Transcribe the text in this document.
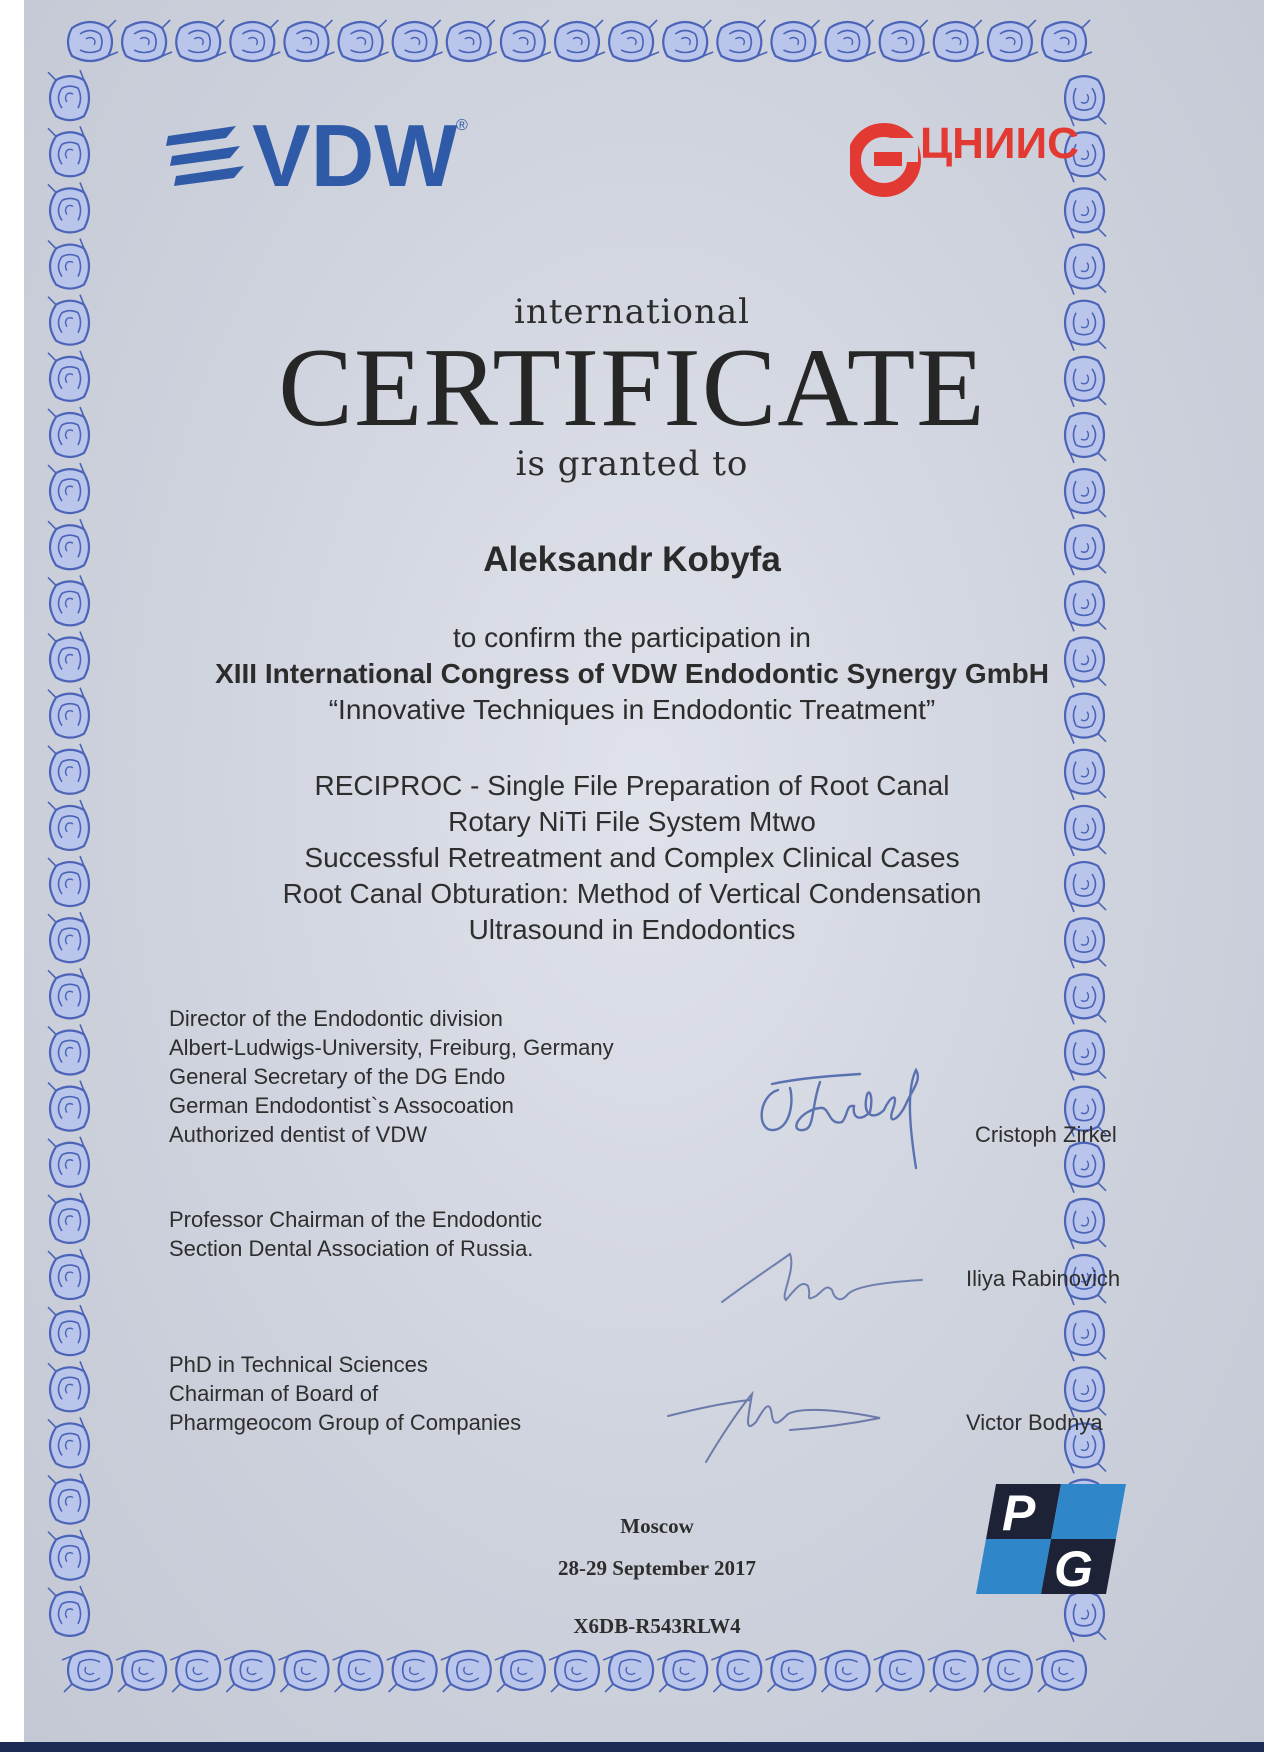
VDW
®	ЦНИИС
international
CERTIFICATE
is granted to
Aleksandr Kobyfa
to confirm the participation in
XIII International Congress of VDW Endodontic Synergy GmbH
“Innovative Techniques in Endodontic Treatment”
RECIPROC - Single File Preparation of Root Canal
Rotary NiTi File System Mtwo
Successful Retreatment and Complex Clinical Cases
Root Canal Obturation: Method of Vertical Condensation
Ultrasound in Endodontics
Director of the Endodontic division
Albert-Ludwigs-University, Freiburg, Germany
General Secretary of the DG Endo
German Endodontist`s Assocoation
Authorized dentist of VDW	Cristoph Zirkel
Professor Chairman of the Endodontic
Section Dental Association of Russia.
Iliya Rabinovich
PhD in Technical Sciences
Chairman of Board of
Pharmgeocom Group of Companies	Victor Bodnya
Moscow
28-29 September 2017
X6DB-R543RLW4
P
G
